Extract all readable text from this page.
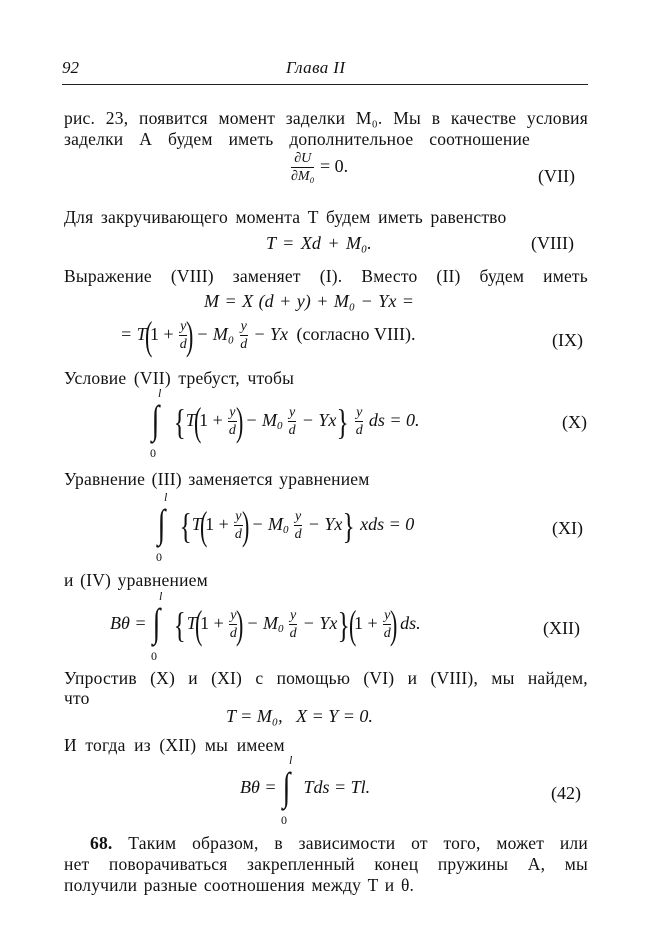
92	Глава II
рис. 23, появится момент заделки M₀. Мы в качестве условия
заделки A будем иметь дополнительное соотношение
$\frac{\partial U}{\text{∂M₀}} = 0$.	(VII)
Для закручивающего момента T будем иметь равенство
T = Xd + M₀.	(VIII)
Выражение (VIII) заменяет (I). Вместо (II) будем иметь
M = X (d + y) + M₀ − Yx =
= $T(1 + \frac{y}{d}$
) − $M_0 \frac{y}{d} - Yx$ (согласно VIII).	(IX)
Условие (VII) требуст, чтобы
∫
l
0
{$T(1 + \frac{y}{d}$
) − $M_0 \frac{y}{d} - Yx\} \frac{y}{d}$ ds = 0.	(X)
Уравнение (III) заменяется уравнением
∫
l
0
{$T(1 + \frac{y}{d}$
) − $M_0 \frac{y}{d} - Yx$} xds = 0	(XI)
и (IV) уравнением
Bθ = ∫
l
0
{$T(1 + \frac{y}{d}$
) − $M_0 \frac{y}{d} - Yx\}(1 + \frac{y}{d}$
) ds.	(XII)
Упростив (X) и (XI) с помощью (VI) и (VIII), мы найдем,
что
T = M₀,   X = Y = 0.
И тогда из (XII) мы имеем
Bθ = ∫
l
0
Tds = Tl.	(42)
68. Таким образом, в зависимости от того, может или
нет поворачиваться закрепленный конец пружины A, мы
получили разные соотношения между T и θ.
